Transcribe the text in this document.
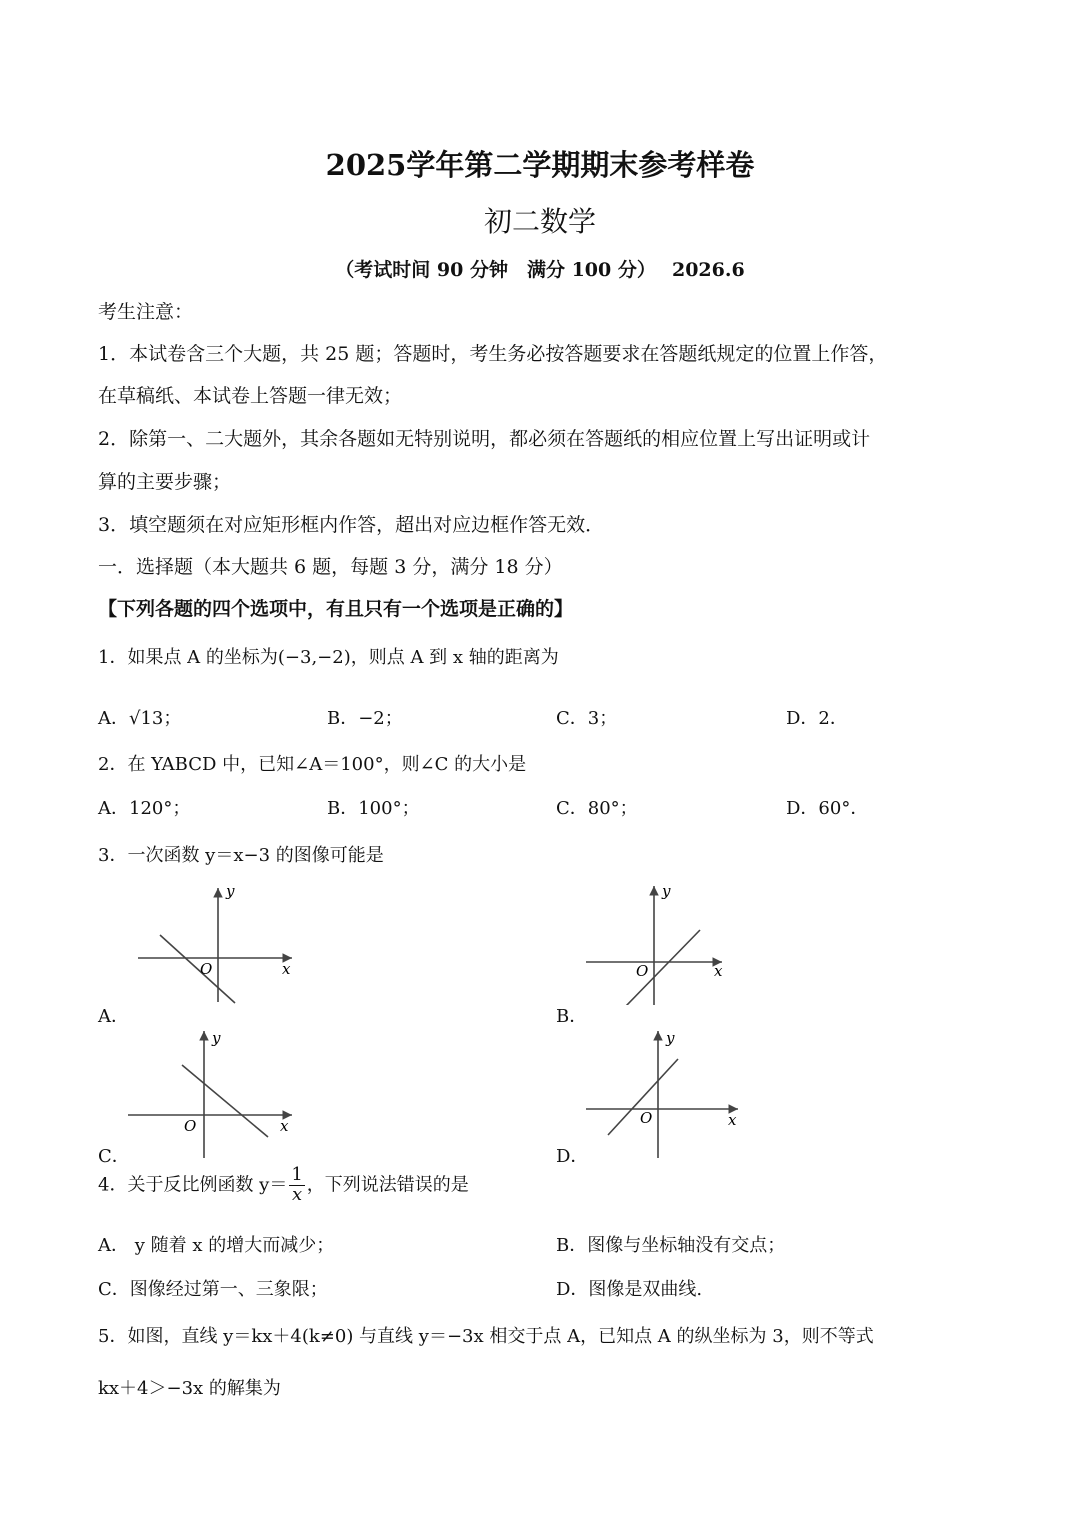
2025学年第二学期期末参考样卷
初二数学
（考试时间 90 分钟　满分 100 分）　 2026.6
考生注意：
1．本试卷含三个大题，共 25 题；答题时，考生务必按答题要求在答题纸规定的位置上作答，
在草稿纸、本试卷上答题一律无效；
2．除第一、二大题外，其余各题如无特别说明，都必须在答题纸的相应位置上写出证明或计
算的主要步骤；
3．填空题须在对应矩形框内作答，超出对应边框作答无效．
一．选择题（本大题共 6 题，每题 3 分，满分 18 分）
【下列各题的四个选项中，有且只有一个选项是正确的】
1．如果点 A 的坐标为(−3,−2)，则点 A 到 x 轴的距离为
A．√13；	B．−2；	C．3；	D．2．
2．在 YABCD 中，已知∠A＝100°，则∠C 的大小是
A．120°；	B．100°；	C．80°；	D．60°．
3．一次函数 y＝x−3 的图像可能是
y
x
O
A．
y
x
O
B．
y
x
O
C．
y
x
O
D．
4．关于反比例函数 $y= \frac{1}{x}$ ，下列说法错误的是
A． y 随着 x 的增大而减少；	B．图像与坐标轴没有交点；
C．图像经过第一、三象限；	D．图像是双曲线.
5．如图，直线 y＝kx＋4(k≠0) 与直线 y＝−3x 相交于点 A，已知点 A 的纵坐标为 3，则不等式
kx＋4＞−3x 的解集为
